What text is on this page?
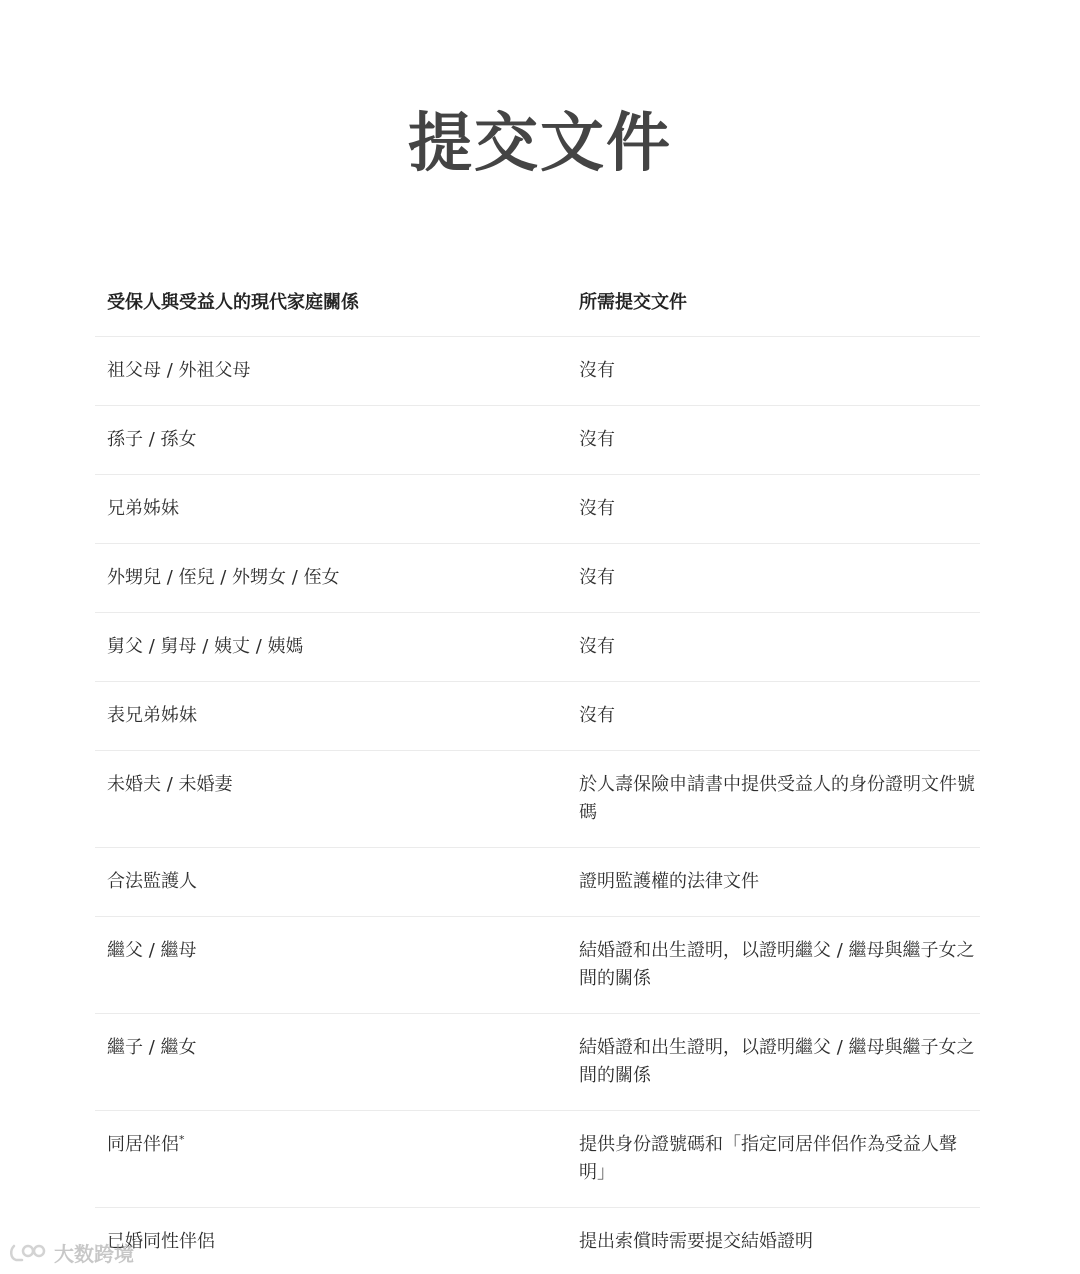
提交文件
受保人與受益人的現代家庭關係	所需提交文件
祖父母 / 外祖父母	沒有
孫子 / 孫女	沒有
兄弟姊妹	沒有
外甥兒 / 侄兒 / 外甥女 / 侄女	沒有
舅父 / 舅母 / 姨丈 / 姨媽	沒有
表兄弟姊妹	沒有
未婚夫 / 未婚妻	於人壽保險申請書中提供受益人的身份證明文件號碼
合法監護人	證明監護權的法律文件
繼父 / 繼母	結婚證和出生證明，以證明繼父 / 繼母與繼子女之間的關係
繼子 / 繼女	結婚證和出生證明，以證明繼父 / 繼母與繼子女之間的關係
同居伴侶*	提供身份證號碼和「指定同居伴侶作為受益人聲明」
已婚同性伴侶	提出索償時需要提交結婚證明
大数跨境
